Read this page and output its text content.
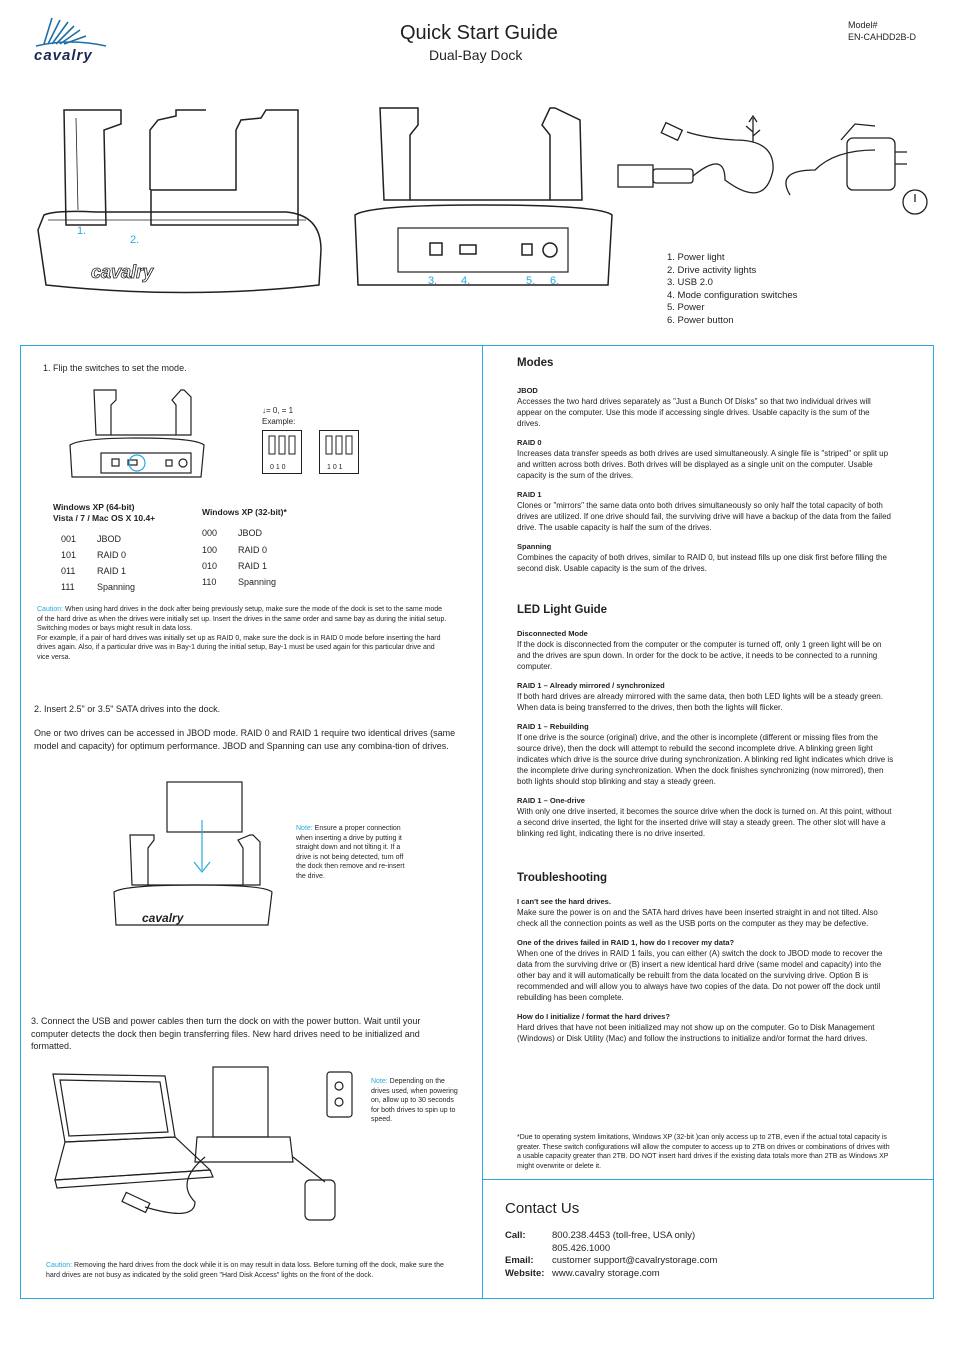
cavalry
Quick Start Guide
Dual-Bay Dock
Model#
EN-CAHDD2B-D
cavalry
1.
2.
3. 4.	5. 6.
1. Power light
2. Drive activity lights
3. USB 2.0
4. Mode configuration switches
5. Power
6. Power button
1. Flip the switches to set the mode.
↓= 0, = 1
Example:
0 1 0	1 0 1
Windows XP (64-bit)
Vista / 7 / Mac OS X 10.4+
001	JBOD
101	RAID 0
011	RAID 1
111	Spanning
Windows XP (32-bit)*
000	JBOD
100	RAID 0
010	RAID 1
110	Spanning
Caution: When using hard drives in the dock after being previously setup, make sure the mode of the dock is set to the same mode of the hard drive as when the drives were initially set up. Insert the drives in the same order and same bay as during the initial setup. Switching modes or bays might result in data loss.
For example, if a pair of hard drives was initially set up as RAID 0, make sure the dock is in RAID 0 mode before inserting the hard drives again. Also, if a particular drive was in Bay-1 during the initial setup, Bay-1 must be used again for this particular drive and vice versa.
2. Insert 2.5" or 3.5" SATA drives into the dock.
One or two drives can be accessed in JBOD mode. RAID 0 and RAID 1 require two identical drives (same model and capacity) for optimum performance. JBOD and Spanning can use any combina-tion of drives.
cavalry
Note: Ensure a proper connection when inserting a drive by putting it straight down and not tilting it. If a drive is not being detected, turn off the dock then remove and re-insert the drive.
3. Connect the USB and power cables then turn the dock on with the power button. Wait until your computer detects the dock then begin transferring files. New hard drives need to be initialized and formatted.
Note: Depending on the drives used, when powering on, allow up to 30 seconds for both drives to spin up to speed.
Caution: Removing the hard drives from the dock while it is on may result in data loss. Before turning off the dock, make sure the hard drives are not busy as indicated by the solid green "Hard Disk Access" lights on the front of the dock.
Modes
JBOD
Accesses the two hard drives separately as "Just a Bunch Of Disks" so that two individual drives will appear on the computer. Use this mode if accessing single drives. Usable capacity is the sum of the drives.
RAID 0
Increases data transfer speeds as both drives are used simultaneously. A single file is "striped" or split up and written across both drives. Both drives will be displayed as a single unit on the computer. Usable capacity is the sum of the drives.
RAID 1
Clones or "mirrors" the same data onto both drives simultaneously so only half the total capacity of both drives are utilized. If one drive should fail, the surviving drive will have a backup of the data from the failed drive. The usable capacity is half the sum of the drives.
Spanning
Combines the capacity of both drives, similar to RAID 0, but instead fills up one disk first before filling the second disk. Usable capacity is the sum of the drives.
LED Light Guide
Disconnected Mode
If the dock is disconnected from the computer or the computer is turned off, only 1 green light will be on and the drives are spun down. In order for the dock to be active, it needs to be connected to a running computer.
RAID 1 – Already mirrored / synchronized
If both hard drives are already mirrored with the same data, then both LED lights will be a steady green. When data is being transferred to the drives, then both the lights will flicker.
RAID 1 – Rebuilding
If one drive is the source (original) drive, and the other is incomplete (different or missing files from the source drive), then the dock will attempt to rebuild the second incomplete drive. A blinking green light indicates which drive is the source drive during synchronization. A blinking red light indicates which drive is the incomplete drive during synchronization. When the dock finishes synchronizing (now mirrored), then both lights should stop blinking and stay a steady green.
RAID 1 – One-drive
With only one drive inserted, it becomes the source drive when the dock is turned on. At this point, without a second drive inserted, the light for the inserted drive will stay a steady green. The other slot will have a blinking red light, indicating there is no drive inserted.
Troubleshooting
I can't see the hard drives.
Make sure the power is on and the SATA hard drives have been inserted straight in and not tilted. Also check all the connection points as well as the USB ports on the computer as they may be defective.
One of the drives failed in RAID 1, how do I recover my data?
When one of the drives in RAID 1 fails, you can either (A) switch the dock to JBOD mode to recover the data from the surviving drive or (B) insert a new identical hard drive (same model and capacity) into the other bay and it will automatically be rebuilt from the data located on the surviving drive. Option B is recommended and will allow you to always have two copies of the data. Do not power off the dock until rebuilding has been complete.
How do I initialize / format the hard drives?
Hard drives that have not been initialized may not show up on the computer. Go to Disk Management (Windows) or Disk Utility (Mac) and follow the instructions to initialize and/or format the hard drives.
*Due to operating system limitations, Windows XP (32-bit )can only access up to 2TB, even if the actual total capacity is greater. These switch configurations will allow the computer to access up to 2TB on drives or combinations of drives with a usable capacity greater than 2TB. DO NOT insert hard drives if the existing data totals more than 2TB as Windows XP might overwrite or delete it.
Contact Us
Call:	800.238.4453 (toll-free, USA only)
805.426.1000
Email: customer support@cavalrystorage.com
Website: www.cavalry storage.com
